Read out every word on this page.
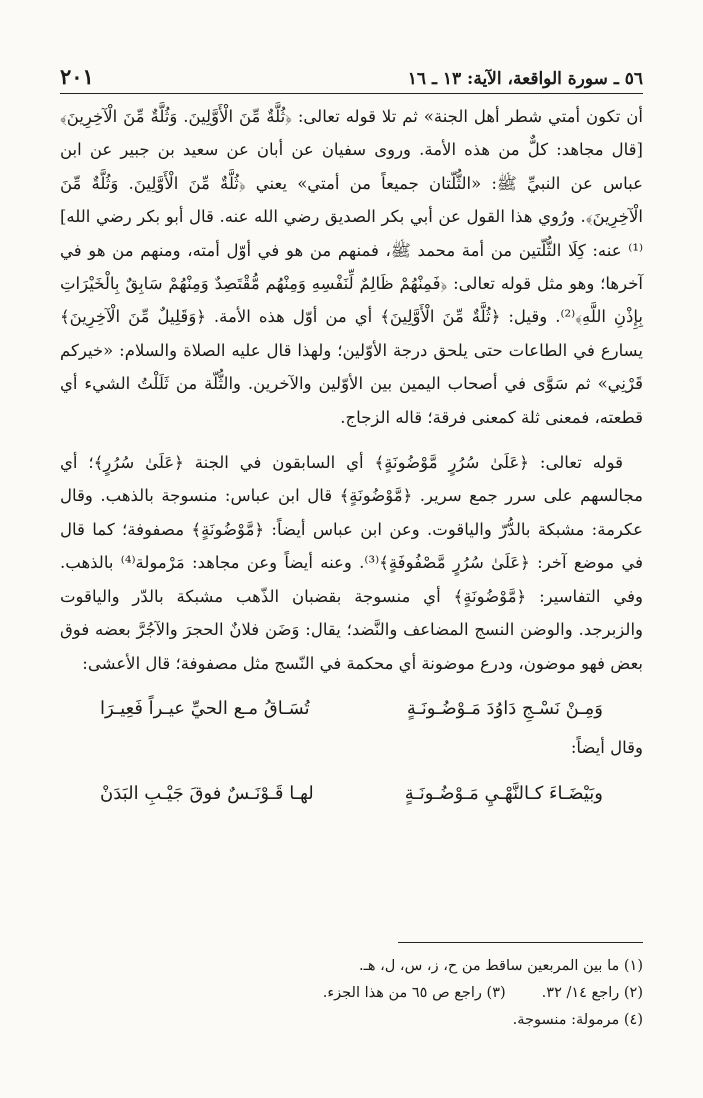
٥٦ ـ سورة الواقعة، الآية: ١٣ ـ ١٦
٢٠١

أن تكون أمتي شطر أهل الجنة» ثم تلا قوله تعالى: ﴿ثُلَّةٌ مِّنَ الْأَوَّلِينَ. وَثُلَّةٌ مِّنَ الْآخِرِينَ﴾ [قال مجاهد: كلٌّ من هذه الأمة. وروى سفيان عن أبان عن سعيد بن جبير عن ابن عباس عن النبيِّ ﷺ: «الثُّلّتان جميعاً من أمتي» يعني ﴿ثُلَّةٌ مِّنَ الْأَوَّلِينَ. وَثُلَّةٌ مِّنَ الْآخِرِينَ﴾. ورُوي هذا القول عن أبي بكر الصديق رضي الله عنه. قال أبو بكر رضي الله]⁽¹⁾ عنه: كِلَا الثُّلّتين من أمة محمد ﷺ، فمنهم من هو في أوّل أمته، ومنهم من هو في آخرها؛ وهو مثل قوله تعالى: ﴿فَمِنْهُمْ ظَالِمٌ لِّنَفْسِهِ وَمِنْهُم مُّقْتَصِدٌ وَمِنْهُمْ سَابِقٌ بِالْخَيْرَاتِ بِإِذْنِ اللَّهِ﴾⁽²⁾. وقيل: ﴿ثُلَّةٌ مِّنَ الْأَوَّلِينَ﴾ أي من أوّل هذه الأمة. ﴿وَقَلِيلٌ مِّنَ الْآخِرِينَ﴾ يسارع في الطاعات حتى يلحق درجة الأوّلين؛ ولهذا قال عليه الصلاة والسلام: «خيركم قَرْنِي» ثم سَوَّى في أصحاب اليمين بين الأوّلين والآخرين. والثُّلّة من ثَلَلْتُ الشيء أي قطعته، فمعنى ثلة كمعنى فرقة؛ قاله الزجاج.

قوله تعالى: ﴿عَلَىٰ سُرُرٍ مَّوْضُونَةٍ﴾ أي السابقون في الجنة ﴿عَلَىٰ سُرُرٍ﴾؛ أي مجالسهم على سرر جمع سرير. ﴿مَّوْضُونَةٍ﴾ قال ابن عباس: منسوجة بالذهب. وقال عكرمة: مشبكة بالدُّرّ والياقوت. وعن ابن عباس أيضاً: ﴿مَّوْضُونَةٍ﴾ مصفوفة؛ كما قال في موضع آخر: ﴿عَلَىٰ سُرُرٍ مَّصْفُوفَةٍ﴾⁽³⁾. وعنه أيضاً وعن مجاهد: مَرْمولة⁽⁴⁾ بالذهب. وفي التفاسير: ﴿مَّوْضُونَةٍ﴾ أي منسوجة بقضبان الذّهب مشبكة بالدّر والياقوت والزبرجد. والوضن النسج المضاعف والنَّضد؛ يقال: وَضَن فلانٌ الحجرَ والآجُرَّ بعضه فوق بعض فهو موضون، ودرع موضونة أي محكمة في النّسج مثل مصفوفة؛ قال الأعشى:

وَمِـنْ نَسْـجِ دَاوُدَ مَـوْضُـونَـةٍ
تُسَـاقُ مـع الحيِّ عيـراً فَعِيـرَا

وقال أيضاً:

وبَيْضَـاءَ كـالنَّهْـيِ مَـوْضُـونَـةٍ
لهـا قَـوْنَـسٌ فوقَ جَيْـبِ البَدَنْ
(١) ما بين المربعين ساقط من ح، ز، س، ل، هـ.
(٢) راجع ١٤/ ٣٢.
(٣) راجع ص ٦٥ من هذا الجزء.
(٤) مرمولة: منسوجة.
